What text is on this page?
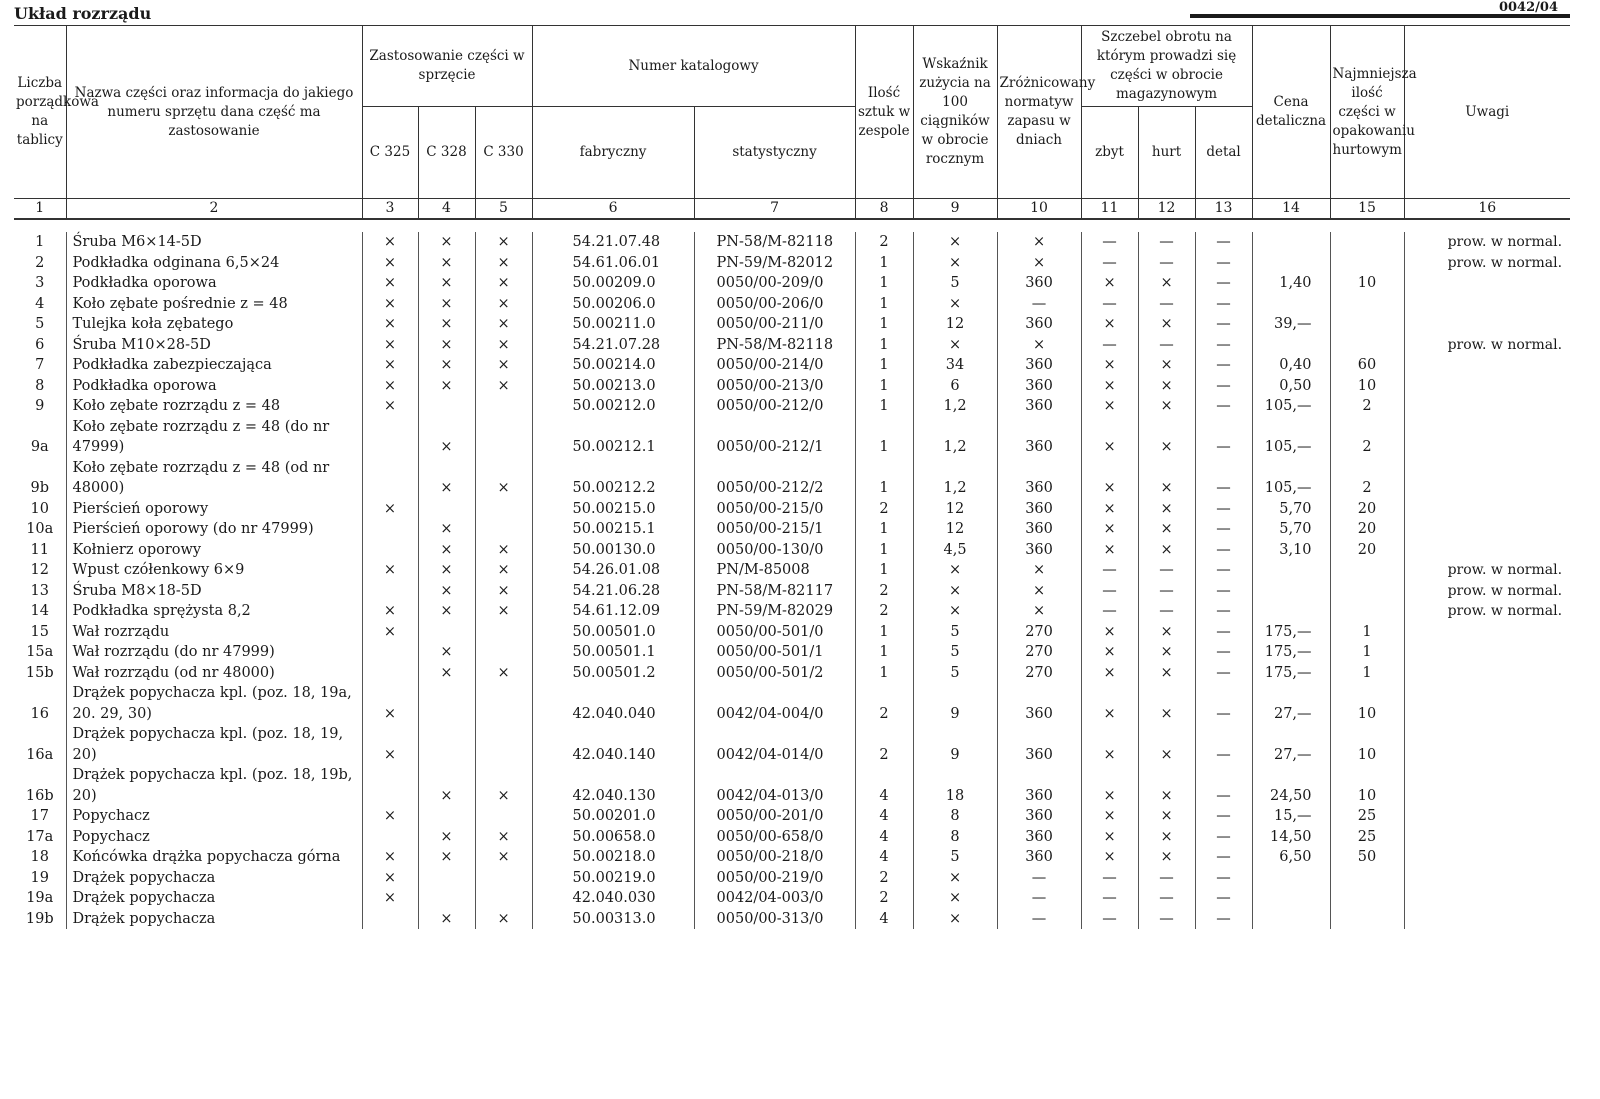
Układ rozrządu	0042/04
Liczba porządkowa na tablicy	Nazwa części oraz informacja do jakiego numeru sprzętu dana część ma zastosowanie	Zastosowanie części w sprzęcie			Numer katalogowy		Ilość sztuk w zespole	Wskaźnik zużycia na 100 ciągników w obrocie rocznym	Zróżnicowany normatyw zapasu w dniach	Szczebel obrotu na którym prowadzi się części w obrocie magazynowym			Cena detaliczna	Najmniejsza ilość części w opakowaniu hurtowym	Uwagi
		C 325	C 328	C 330	fabryczny	statystyczny				zbyt	hurt	detal			
1	2	3	4	5	6	7	8	9	10	11	12	13	14	15	16

1	Śruba M6×14-5D	×	×	×	54.21.07.48	PN-58/M-82118	2	×	×	—	—	—			prow. w normal.
2	Podkładka odginana 6,5×24	×	×	×	54.61.06.01	PN-59/M-82012	1	×	×	—	—	—			prow. w normal.
3	Podkładka oporowa	×	×	×	50.00209.0	0050/00-209/0	1	5	360	×	×	—	1,40	10	
4	Koło zębate pośrednie z = 48	×	×	×	50.00206.0	0050/00-206/0	1	×	—	—	—	—			
5	Tulejka koła zębatego	×	×	×	50.00211.0	0050/00-211/0	1	12	360	×	×	—	39,—		
6	Śruba M10×28-5D	×	×	×	54.21.07.28	PN-58/M-82118	1	×	×	—	—	—			prow. w normal.
7	Podkładka zabezpieczająca	×	×	×	50.00214.0	0050/00-214/0	1	34	360	×	×	—	0,40	60	
8	Podkładka oporowa	×	×	×	50.00213.0	0050/00-213/0	1	6	360	×	×	—	0,50	10	
9	Koło zębate rozrządu z = 48	×			50.00212.0	0050/00-212/0	1	1,2	360	×	×	—	105,—	2	
9a	Koło zębate rozrządu z = 48 (do nr 47999)		×		50.00212.1	0050/00-212/1	1	1,2	360	×	×	—	105,—	2	
9b	Koło zębate rozrządu z = 48 (od nr 48000)		×	×	50.00212.2	0050/00-212/2	1	1,2	360	×	×	—	105,—	2	
10	Pierścień oporowy	×			50.00215.0	0050/00-215/0	2	12	360	×	×	—	5,70	20	
10a	Pierścień oporowy (do nr 47999)		×		50.00215.1	0050/00-215/1	1	12	360	×	×	—	5,70	20	
11	Kołnierz oporowy		×	×	50.00130.0	0050/00-130/0	1	4,5	360	×	×	—	3,10	20	
12	Wpust czółenkowy 6×9	×	×	×	54.26.01.08	PN/M-85008	1	×	×	—	—	—			prow. w normal.
13	Śruba M8×18-5D		×	×	54.21.06.28	PN-58/M-82117	2	×	×	—	—	—			prow. w normal.
14	Podkładka sprężysta 8,2	×	×	×	54.61.12.09	PN-59/M-82029	2	×	×	—	—	—			prow. w normal.
15	Wał rozrządu	×			50.00501.0	0050/00-501/0	1	5	270	×	×	—	175,—	1	
15a	Wał rozrządu (do nr 47999)		×		50.00501.1	0050/00-501/1	1	5	270	×	×	—	175,—	1	
15b	Wał rozrządu (od nr 48000)		×	×	50.00501.2	0050/00-501/2	1	5	270	×	×	—	175,—	1	
16	Drążek popychacza kpl. (poz. 18, 19a, 20. 29, 30)	×			42.040.040	0042/04-004/0	2	9	360	×	×	—	27,—	10	
16a	Drążek popychacza kpl. (poz. 18, 19, 20)	×			42.040.140	0042/04-014/0	2	9	360	×	×	—	27,—	10	
16b	Drążek popychacza kpl. (poz. 18, 19b, 20)		×	×	42.040.130	0042/04-013/0	4	18	360	×	×	—	24,50	10	
17	Popychacz	×			50.00201.0	0050/00-201/0	4	8	360	×	×	—	15,—	25	
17a	Popychacz		×	×	50.00658.0	0050/00-658/0	4	8	360	×	×	—	14,50	25	
18	Końcówka drążka popychacza górna	×	×	×	50.00218.0	0050/00-218/0	4	5	360	×	×	—	6,50	50	
19	Drążek popychacza	×			50.00219.0	0050/00-219/0	2	×	—	—	—	—			
19a	Drążek popychacza	×			42.040.030	0042/04-003/0	2	×	—	—	—	—			
19b	Drążek popychacza		×	×	50.00313.0	0050/00-313/0	4	×	—	—	—	—			
